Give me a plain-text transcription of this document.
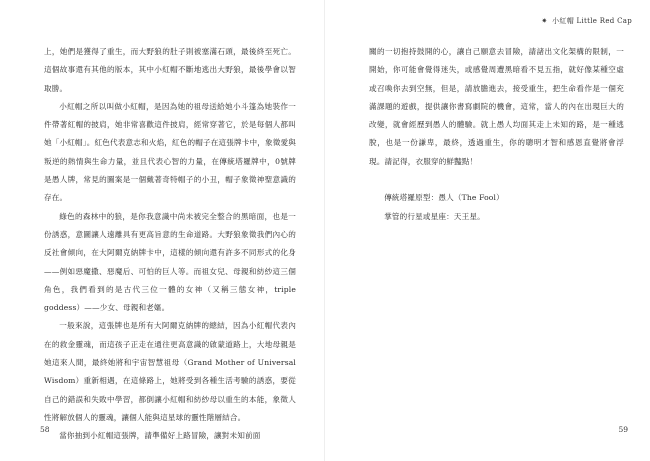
上，她們是獲得了重生，而大野狼的肚子則被塞滿石頭，最後終至死亡。這個故事還有其他的版本，其中小紅帽不斷地逃出大野狼，最後學會以智取勝。

小紅帽之所以叫做小紅帽，是因為她的祖母送給她小斗篷為她裝作一件帶著紅帽的披肩，她非常喜歡這件披肩，經常穿著它，於是每個人都叫她「小紅帽」。紅色代表意志和火焰，紅色的帽子在這張牌卡中，象徵愛與叛逆的熱情與生命力量，並且代表心智的力量，在傳統塔羅牌中，0號牌是愚人牌，常見的圖案是一個戴著奇特帽子的小丑，帽子象徵神聖意識的存在。

綠色的森林中的狼，是你我意識中尚未被完全整合的黑暗面，也是一份誘惑，意圖讓人遠離具有更高旨意的生命道路。大野狼象徵我們內心的反社會傾向，在大阿爾克納牌卡中，這樣的傾向還有許多不同形式的化身——例如惡魔撒、惡魔后、可怕的巨人等。而祖女兒、母親和紡紗這三個角色，我們看到的是古代三位一體的女神（又稱三態女神，triple goddess）——少女、母親和老嫗。

一般來說，這張牌也是所有大阿爾克納牌的總結，因為小紅帽代表內在的救金靈魂，而這孩子正走在通往更高意識的啟蒙道路上，大地母親是她這來人間，最終她將和宇宙智慧祖母（Grand Mother of Universal Wisdom）重新相遇，在這條路上，她將受到各種生活考驗的誘惑，要從自己的錯誤和失敗中學習，都倒讓小紅帽和紡紗母以重生的本能，象徵人性將解放個人的靈魂，讓個人能與這星球的靈性階層結合。

當你抽到小紅帽這張牌，請準備好上路冒險，讓對未知前面

58
✷ 小紅帽 Little Red Cap

關的一切抱持鼓開的心，讓自己願意去冒險，請諸出文化架構的限制，一開始，你可能會覺得迷失，或感覺周遭黑暗看不見五指，就好像某種空虛或召喚你去到空無，但是，請放膽進去，接受重生，把生命看作是一個充滿課題的遊戲，提供讓你書寫劇院的機會，這常，當人的內在出現巨大的改變，就會經歷到愚人的體驗。就上愚人均面其走上未知的路，是一種逃脫，也是一份謙卑，最終，透過重生，你的聰明才智和感恩直覺將會浮現。請記得，衣服穿的鮮豔點！

傳統塔羅原型：愚人（The Fool）

掌管的行星或星座：天王星。

59
